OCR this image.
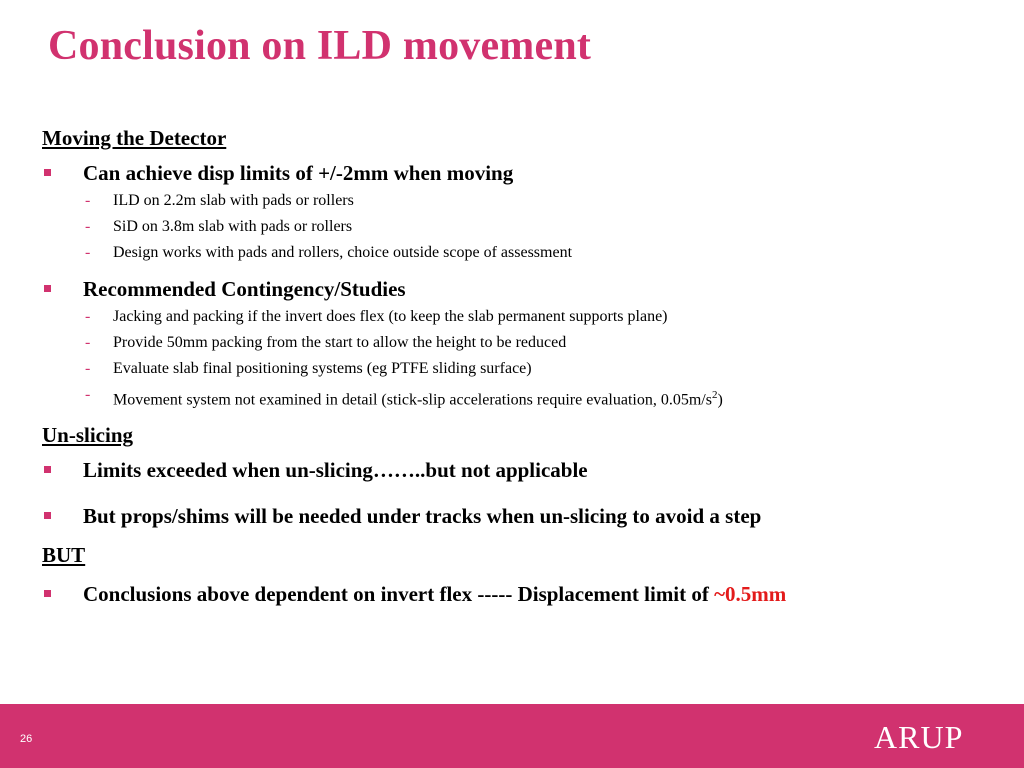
Conclusion on ILD movement
Moving the Detector
Can achieve disp limits of +/-2mm when moving
- ILD on 2.2m slab with pads or rollers
- SiD on 3.8m slab with pads or rollers
- Design works with pads and rollers, choice outside scope of assessment
Recommended Contingency/Studies
- Jacking and packing if the invert does flex (to keep the slab permanent supports plane)
- Provide 50mm packing from the start to allow the height to be reduced
- Evaluate slab final positioning systems (eg PTFE sliding surface)
- Movement system not examined in detail (stick-slip accelerations require evaluation, $0.05m/s^2$)
Un-slicing
Limits exceeded when un-slicing……..but not applicable
But props/shims will be needed under tracks when un-slicing to avoid a step
BUT
Conclusions above dependent on invert flex ----- Displacement limit of ~0.5mm
26	ARUP
